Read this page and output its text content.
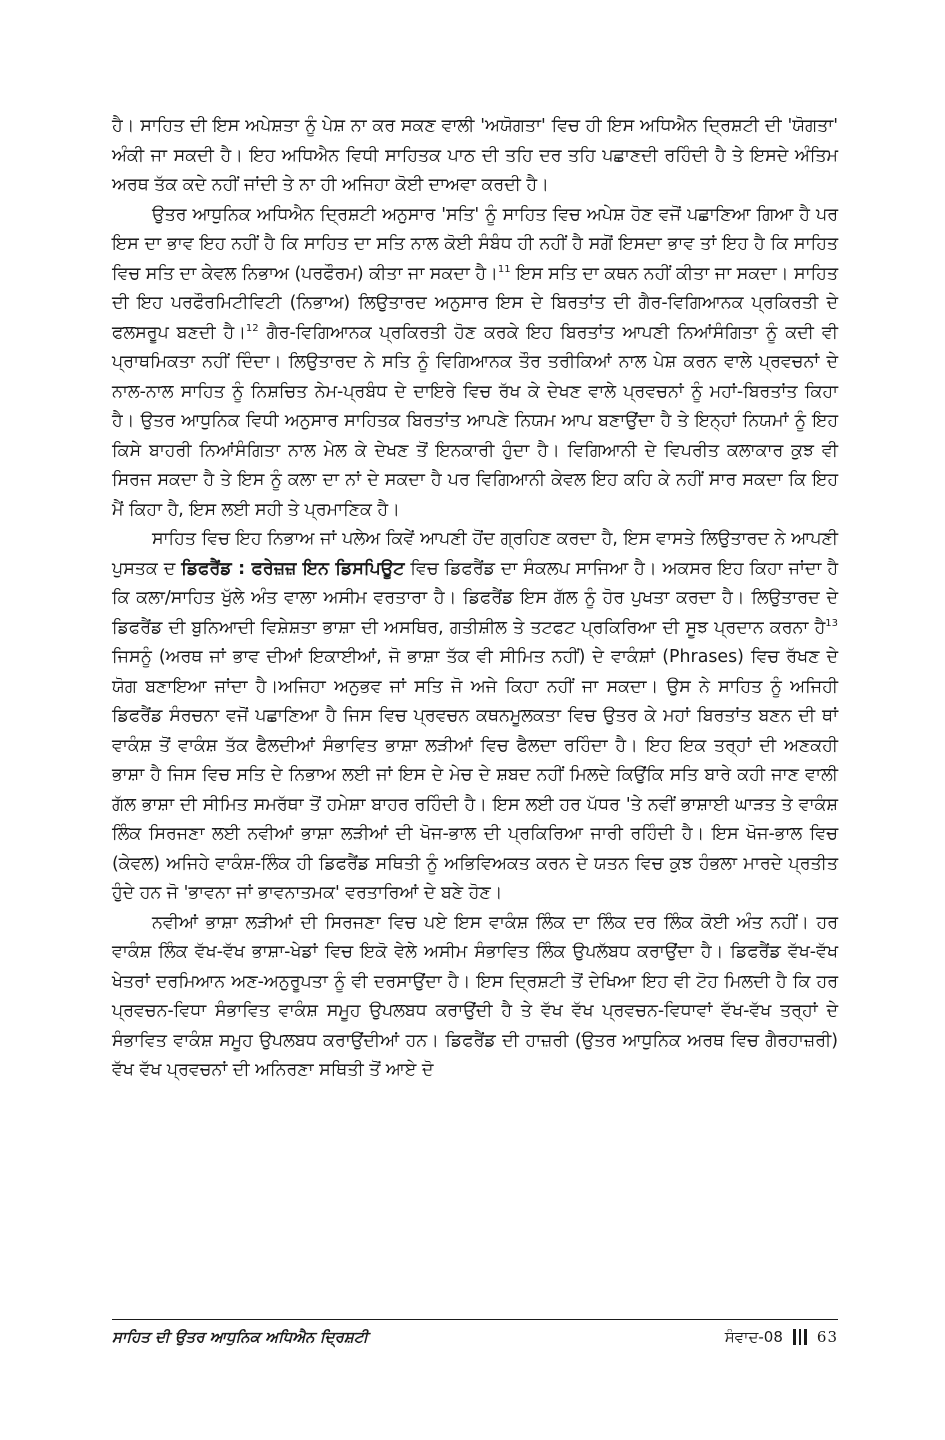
ਹੈ। ਸਾਹਿਤ ਦੀ ਇਸ ਅਪੇਸ਼ਤਾ ਨੂੰ ਪੇਸ਼ ਨਾ ਕਰ ਸਕਣ ਵਾਲੀ 'ਅਯੋਗਤਾ' ਵਿਚ ਹੀ ਇਸ ਅਧਿਐਨ ਦ੍ਰਿਸ਼ਟੀ ਦੀ 'ਯੋਗਤਾ' ਅੰਕੀ ਜਾ ਸਕਦੀ ਹੈ। ਇਹ ਅਧਿਐਨ ਵਿਧੀ ਸਾਹਿਤਕ ਪਾਠ ਦੀ ਤਹਿ ਦਰ ਤਹਿ ਪਛਾਣਦੀ ਰਹਿੰਦੀ ਹੈ ਤੇ ਇਸਦੇ ਅੰਤਿਮ ਅਰਥ ਤੱਕ ਕਦੇ ਨਹੀਂ ਜਾਂਦੀ ਤੇ ਨਾ ਹੀ ਅਜਿਹਾ ਕੋਈ ਦਾਅਵਾ ਕਰਦੀ ਹੈ।

ਉਤਰ ਆਧੁਨਿਕ ਅਧਿਐਨ ਦ੍ਰਿਸ਼ਟੀ ਅਨੁਸਾਰ 'ਸਤਿ' ਨੂੰ ਸਾਹਿਤ ਵਿਚ ਅਪੇਸ਼ ਹੋਣ ਵਜੋਂ ਪਛਾਣਿਆ ਗਿਆ ਹੈ ਪਰ ਇਸ ਦਾ ਭਾਵ ਇਹ ਨਹੀਂ ਹੈ ਕਿ ਸਾਹਿਤ ਦਾ ਸਤਿ ਨਾਲ ਕੋਈ ਸੰਬੰਧ ਹੀ ਨਹੀਂ ਹੈ ਸਗੋਂ ਇਸਦਾ ਭਾਵ ਤਾਂ ਇਹ ਹੈ ਕਿ ਸਾਹਿਤ ਵਿਚ ਸਤਿ ਦਾ ਕੇਵਲ ਨਿਭਾਅ (ਪਰਫੌਰਮ) ਕੀਤਾ ਜਾ ਸਕਦਾ ਹੈ।$^{11}$ ਇਸ ਸਤਿ ਦਾ ਕਥਨ ਨਹੀਂ ਕੀਤਾ ਜਾ ਸਕਦਾ। ਸਾਹਿਤ ਦੀ ਇਹ ਪਰਫੌਰਮਿਟੀਵਿਟੀ (ਨਿਭਾਅ) ਲਿਉਤਾਰਦ ਅਨੁਸਾਰ ਇਸ ਦੇ ਬਿਰਤਾਂਤ ਦੀ ਗੈਰ-ਵਿਗਿਆਨਕ ਪ੍ਰਕਿਰਤੀ ਦੇ ਫਲਸਰੂਪ ਬਣਦੀ ਹੈ।$^{12}$ ਗੈਰ-ਵਿਗਿਆਨਕ ਪ੍ਰਕਿਰਤੀ ਹੋਣ ਕਰਕੇ ਇਹ ਬਿਰਤਾਂਤ ਆਪਣੀ ਨਿਆਂਸੰਗਿਤਾ ਨੂੰ ਕਦੀ ਵੀ ਪ੍ਰਾਥਮਿਕਤਾ ਨਹੀਂ ਦਿੰਦਾ। ਲਿਉਤਾਰਦ ਨੇ ਸਤਿ ਨੂੰ ਵਿਗਿਆਨਕ ਤੌਰ ਤਰੀਕਿਆਂ ਨਾਲ ਪੇਸ਼ ਕਰਨ ਵਾਲੇ ਪ੍ਰਵਚਨਾਂ ਦੇ ਨਾਲ-ਨਾਲ ਸਾਹਿਤ ਨੂੰ ਨਿਸ਼ਚਿਤ ਨੇਮ-ਪ੍ਰਬੰਧ ਦੇ ਦਾਇਰੇ ਵਿਚ ਰੱਖ ਕੇ ਦੇਖਣ ਵਾਲੇ ਪ੍ਰਵਚਨਾਂ ਨੂੰ ਮਹਾਂ-ਬਿਰਤਾਂਤ ਕਿਹਾ ਹੈ। ਉਤਰ ਆਧੁਨਿਕ ਵਿਧੀ ਅਨੁਸਾਰ ਸਾਹਿਤਕ ਬਿਰਤਾਂਤ ਆਪਣੇ ਨਿਯਮ ਆਪ ਬਣਾਉਂਦਾ ਹੈ ਤੇ ਇਨ੍ਹਾਂ ਨਿਯਮਾਂ ਨੂੰ ਇਹ ਕਿਸੇ ਬਾਹਰੀ ਨਿਆਂਸੰਗਿਤਾ ਨਾਲ ਮੇਲ ਕੇ ਦੇਖਣ ਤੋਂ ਇਨਕਾਰੀ ਹੁੰਦਾ ਹੈ। ਵਿਗਿਆਨੀ ਦੇ ਵਿਪਰੀਤ ਕਲਾਕਾਰ ਕੁਝ ਵੀ ਸਿਰਜ ਸਕਦਾ ਹੈ ਤੇ ਇਸ ਨੂੰ ਕਲਾ ਦਾ ਨਾਂ ਦੇ ਸਕਦਾ ਹੈ ਪਰ ਵਿਗਿਆਨੀ ਕੇਵਲ ਇਹ ਕਹਿ ਕੇ ਨਹੀਂ ਸਾਰ ਸਕਦਾ ਕਿ ਇਹ ਮੈਂ ਕਿਹਾ ਹੈ, ਇਸ ਲਈ ਸਹੀ ਤੇ ਪ੍ਰਮਾਣਿਕ ਹੈ।

ਸਾਹਿਤ ਵਿਚ ਇਹ ਨਿਭਾਅ ਜਾਂ ਪਲੇਅ ਕਿਵੇਂ ਆਪਣੀ ਹੋਂਦ ਗ੍ਰਹਿਣ ਕਰਦਾ ਹੈ, ਇਸ ਵਾਸਤੇ ਲਿਉਤਾਰਦ ਨੇ ਆਪਣੀ ਪੁਸਤਕ ਦ ਡਿਫਰੈਂਡ : ਫਰੇਜ਼ਜ਼ ਇਨ ਡਿਸਪਿਊਟ ਵਿਚ ਡਿਫਰੈਂਡ ਦਾ ਸੰਕਲਪ ਸਾਜਿਆ ਹੈ। ਅਕਸਰ ਇਹ ਕਿਹਾ ਜਾਂਦਾ ਹੈ ਕਿ ਕਲਾ/ਸਾਹਿਤ ਖੁੱਲੇ ਅੰਤ ਵਾਲਾ ਅਸੀਮ ਵਰਤਾਰਾ ਹੈ। ਡਿਫਰੈਂਡ ਇਸ ਗੱਲ ਨੂੰ ਹੋਰ ਪੁਖਤਾ ਕਰਦਾ ਹੈ। ਲਿਉਤਾਰਦ ਦੇ ਡਿਫਰੈਂਡ ਦੀ ਬੁਨਿਆਦੀ ਵਿਸ਼ੇਸ਼ਤਾ ਭਾਸ਼ਾ ਦੀ ਅਸਥਿਰ, ਗਤੀਸ਼ੀਲ ਤੇ ਤਟਫਟ ਪ੍ਰਕਿਰਿਆ ਦੀ ਸੂਝ ਪ੍ਰਦਾਨ ਕਰਨਾ ਹੈ$^{13}$ ਜਿਸਨੂੰ (ਅਰਥ ਜਾਂ ਭਾਵ ਦੀਆਂ ਇਕਾਈਆਂ, ਜੋ ਭਾਸ਼ਾ ਤੱਕ ਵੀ ਸੀਮਿਤ ਨਹੀਂ) ਦੇ ਵਾਕੰਸ਼ਾਂ (Phrases) ਵਿਚ ਰੱਖਣ ਦੇ ਯੋਗ ਬਣਾਇਆ ਜਾਂਦਾ ਹੈ।ਅਜਿਹਾ ਅਨੁਭਵ ਜਾਂ ਸਤਿ ਜੋ ਅਜੇ ਕਿਹਾ ਨਹੀਂ ਜਾ ਸਕਦਾ। ਉਸ ਨੇ ਸਾਹਿਤ ਨੂੰ ਅਜਿਹੀ ਡਿਫਰੈਂਡ ਸੰਰਚਨਾ ਵਜੋਂ ਪਛਾਣਿਆ ਹੈ ਜਿਸ ਵਿਚ ਪ੍ਰਵਚਨ ਕਥਨਮੂਲਕਤਾ ਵਿਚ ਉਤਰ ਕੇ ਮਹਾਂ ਬਿਰਤਾਂਤ ਬਣਨ ਦੀ ਥਾਂ ਵਾਕੰਸ਼ ਤੋਂ ਵਾਕੰਸ਼ ਤੱਕ ਫੈਲਦੀਆਂ ਸੰਭਾਵਿਤ ਭਾਸ਼ਾ ਲੜੀਆਂ ਵਿਚ ਫੈਲਦਾ ਰਹਿੰਦਾ ਹੈ। ਇਹ ਇਕ ਤਰ੍ਹਾਂ ਦੀ ਅਣਕਹੀ ਭਾਸ਼ਾ ਹੈ ਜਿਸ ਵਿਚ ਸਤਿ ਦੇ ਨਿਭਾਅ ਲਈ ਜਾਂ ਇਸ ਦੇ ਮੇਚ ਦੇ ਸ਼ਬਦ ਨਹੀਂ ਮਿਲਦੇ ਕਿਉਂਕਿ ਸਤਿ ਬਾਰੇ ਕਹੀ ਜਾਣ ਵਾਲੀ ਗੱਲ ਭਾਸ਼ਾ ਦੀ ਸੀਮਿਤ ਸਮਰੱਥਾ ਤੋਂ ਹਮੇਸ਼ਾ ਬਾਹਰ ਰਹਿੰਦੀ ਹੈ। ਇਸ ਲਈ ਹਰ ਪੱਧਰ 'ਤੇ ਨਵੀਂ ਭਾਸ਼ਾਈ ਘਾੜਤ ਤੇ ਵਾਕੰਸ਼ ਲਿੰਕ ਸਿਰਜਣਾ ਲਈ ਨਵੀਆਂ ਭਾਸ਼ਾ ਲੜੀਆਂ ਦੀ ਖੋਜ-ਭਾਲ ਦੀ ਪ੍ਰਕਿਰਿਆ ਜਾਰੀ ਰਹਿੰਦੀ ਹੈ। ਇਸ ਖੋਜ-ਭਾਲ ਵਿਚ (ਕੇਵਲ) ਅਜਿਹੇ ਵਾਕੰਸ਼-ਲਿੰਕ ਹੀ ਡਿਫਰੈਂਡ ਸਥਿਤੀ ਨੂੰ ਅਭਿਵਿਅਕਤ ਕਰਨ ਦੇ ਯਤਨ ਵਿਚ ਕੁਝ ਹੰਭਲਾ ਮਾਰਦੇ ਪ੍ਰਤੀਤ ਹੁੰਦੇ ਹਨ ਜੋ 'ਭਾਵਨਾ ਜਾਂ ਭਾਵਨਾਤਮਕ' ਵਰਤਾਰਿਆਂ ਦੇ ਬਣੇ ਹੋਣ।

ਨਵੀਆਂ ਭਾਸ਼ਾ ਲੜੀਆਂ ਦੀ ਸਿਰਜਣਾ ਵਿਚ ਪਏ ਇਸ ਵਾਕੰਸ਼ ਲਿੰਕ ਦਾ ਲਿੰਕ ਦਰ ਲਿੰਕ ਕੋਈ ਅੰਤ ਨਹੀਂ। ਹਰ ਵਾਕੰਸ਼ ਲਿੰਕ ਵੱਖ-ਵੱਖ ਭਾਸ਼ਾ-ਖੇਡਾਂ ਵਿਚ ਇਕੋ ਵੇਲੇ ਅਸੀਮ ਸੰਭਾਵਿਤ ਲਿੰਕ ਉਪਲੱਬਧ ਕਰਾਉਂਦਾ ਹੈ। ਡਿਫਰੈਂਡ ਵੱਖ-ਵੱਖ ਖੇਤਰਾਂ ਦਰਮਿਆਨ ਅਣ-ਅਨੁਰੂਪਤਾ ਨੂੰ ਵੀ ਦਰਸਾਉਂਦਾ ਹੈ। ਇਸ ਦ੍ਰਿਸ਼ਟੀ ਤੋਂ ਦੇਖਿਆ ਇਹ ਵੀ ਟੋਹ ਮਿਲਦੀ ਹੈ ਕਿ ਹਰ ਪ੍ਰਵਚਨ-ਵਿਧਾ ਸੰਭਾਵਿਤ ਵਾਕੰਸ਼ ਸਮੂਹ ਉਪਲਬਧ ਕਰਾਉਂਦੀ ਹੈ ਤੇ ਵੱਖ ਵੱਖ ਪ੍ਰਵਚਨ-ਵਿਧਾਵਾਂ ਵੱਖ-ਵੱਖ ਤਰ੍ਹਾਂ ਦੇ ਸੰਭਾਵਿਤ ਵਾਕੰਸ਼ ਸਮੂਹ ਉਪਲਬਧ ਕਰਾਉਂਦੀਆਂ ਹਨ। ਡਿਫਰੈਂਡ ਦੀ ਹਾਜ਼ਰੀ (ਉਤਰ ਆਧੁਨਿਕ ਅਰਥ ਵਿਚ ਗੈਰਹਾਜ਼ਰੀ) ਵੱਖ ਵੱਖ ਪ੍ਰਵਚਨਾਂ ਦੀ ਅਨਿਰਣਾ ਸਥਿਤੀ ਤੋਂ ਆਏ ਦੋ

ਸਾਹਿਤ ਦੀ ਉਤਰ ਆਧੁਨਿਕ ਅਧਿਐਨ ਦ੍ਰਿਸ਼ਟੀ	ਸੰਵਾਦ-08 63
